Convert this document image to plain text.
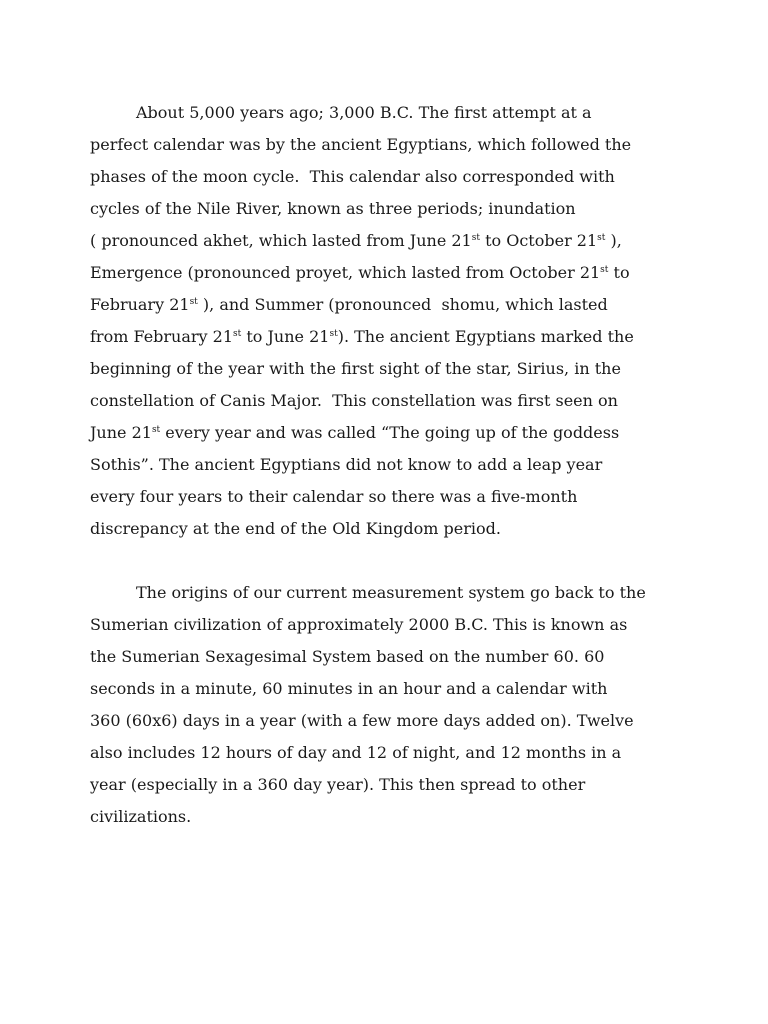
About 5,000 years ago; 3,000 B.C. The first attempt at a
perfect calendar was by the ancient Egyptians, which followed the
phases of the moon cycle.  This calendar also corresponded with
cycles of the Nile River, known as three periods; inundation
( pronounced akhet, which lasted from June 21st to October 21st ),
Emergence (pronounced proyet, which lasted from October 21st to
February 21st ), and Summer (pronounced  shomu, which lasted
from February 21st to June 21st). The ancient Egyptians marked the
beginning of the year with the first sight of the star, Sirius, in the
constellation of Canis Major.  This constellation was first seen on
June 21st every year and was called “The going up of the goddess
Sothis”. The ancient Egyptians did not know to add a leap year
every four years to their calendar so there was a five-month
discrepancy at the end of the Old Kingdom period.
The origins of our current measurement system go back to the
Sumerian civilization of approximately 2000 B.C. This is known as
the Sumerian Sexagesimal System based on the number 60. 60
seconds in a minute, 60 minutes in an hour and a calendar with
360 (60x6) days in a year (with a few more days added on). Twelve
also includes 12 hours of day and 12 of night, and 12 months in a
year (especially in a 360 day year). This then spread to other
civilizations.
